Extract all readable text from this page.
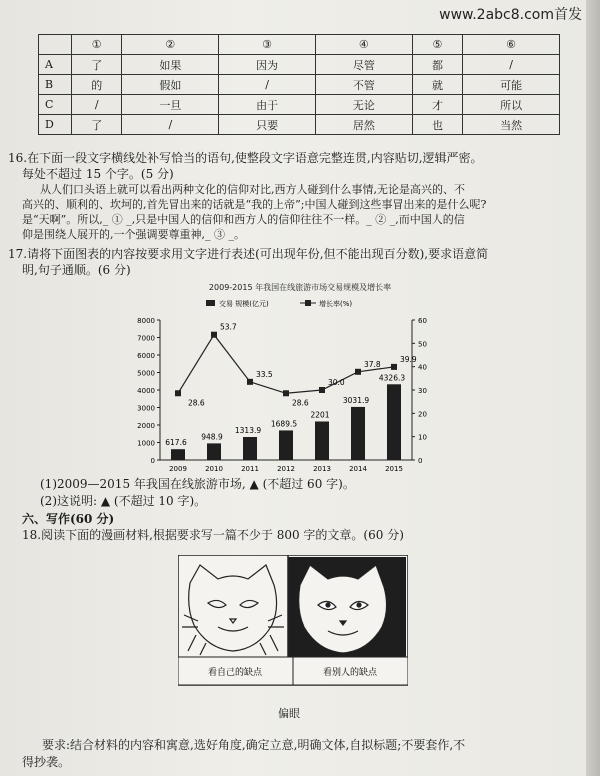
www.2abc8.com首发
	①	②	③	④	⑤	⑥
A	了	如果	因为	尽管	都	/
B	的	假如	/	不管	就	可能
C	/	一旦	由于	无论	才	所以
D	了	/	只要	居然	也	当然
16.在下面一段文字横线处补写恰当的语句,使整段文字语意完整连贯,内容贴切,逻辑严密。
每处不超过 15 个字。(5 分)
从人们口头语上就可以看出两种文化的信仰对比,西方人碰到什么事情,无论是高兴的、不
高兴的、顺利的、坎坷的,首先冒出来的话就是“我的上帝”;中国人碰到这些事冒出来的是什么呢?
是“天啊”。所以,_ ① _,只是中国人的信仰和西方人的信仰往往不一样。_ ② _,而中国人的信
仰是围绕人展开的,一个强调要尊重神,_ ③ _。
17.请将下面图表的内容按要求用文字进行表述(可出现年份,但不能出现百分数),要求语意简
明,句子通顺。(6 分)
2009-2015 年我国在线旅游市场交易规模及增长率
交易 规模(亿元)	增长率(%)
0
1000
2000
3000
4000
5000
6000
7000
8000
0
10
20
30
40
50
60
617.6
948.9
1313.9
1689.5
2201
3031.9
4326.3
2009	2010	2011	2012	2013	2014	2015
28.6
53.7
33.5
28.6
30.0
37.8
39.9
(1)2009—2015 年我国在线旅游市场, ▲ (不超过 60 字)。
(2)这说明: ▲ (不超过 10 字)。
六、写作(60 分)
18.阅读下面的漫画材料,根据要求写一篇不少于 800 字的文章。(60 分)
看自己的缺点	看别人的缺点
偏眼
要求:结合材料的内容和寓意,选好角度,确定立意,明确文体,自拟标题;不要套作,不
得抄袭。
